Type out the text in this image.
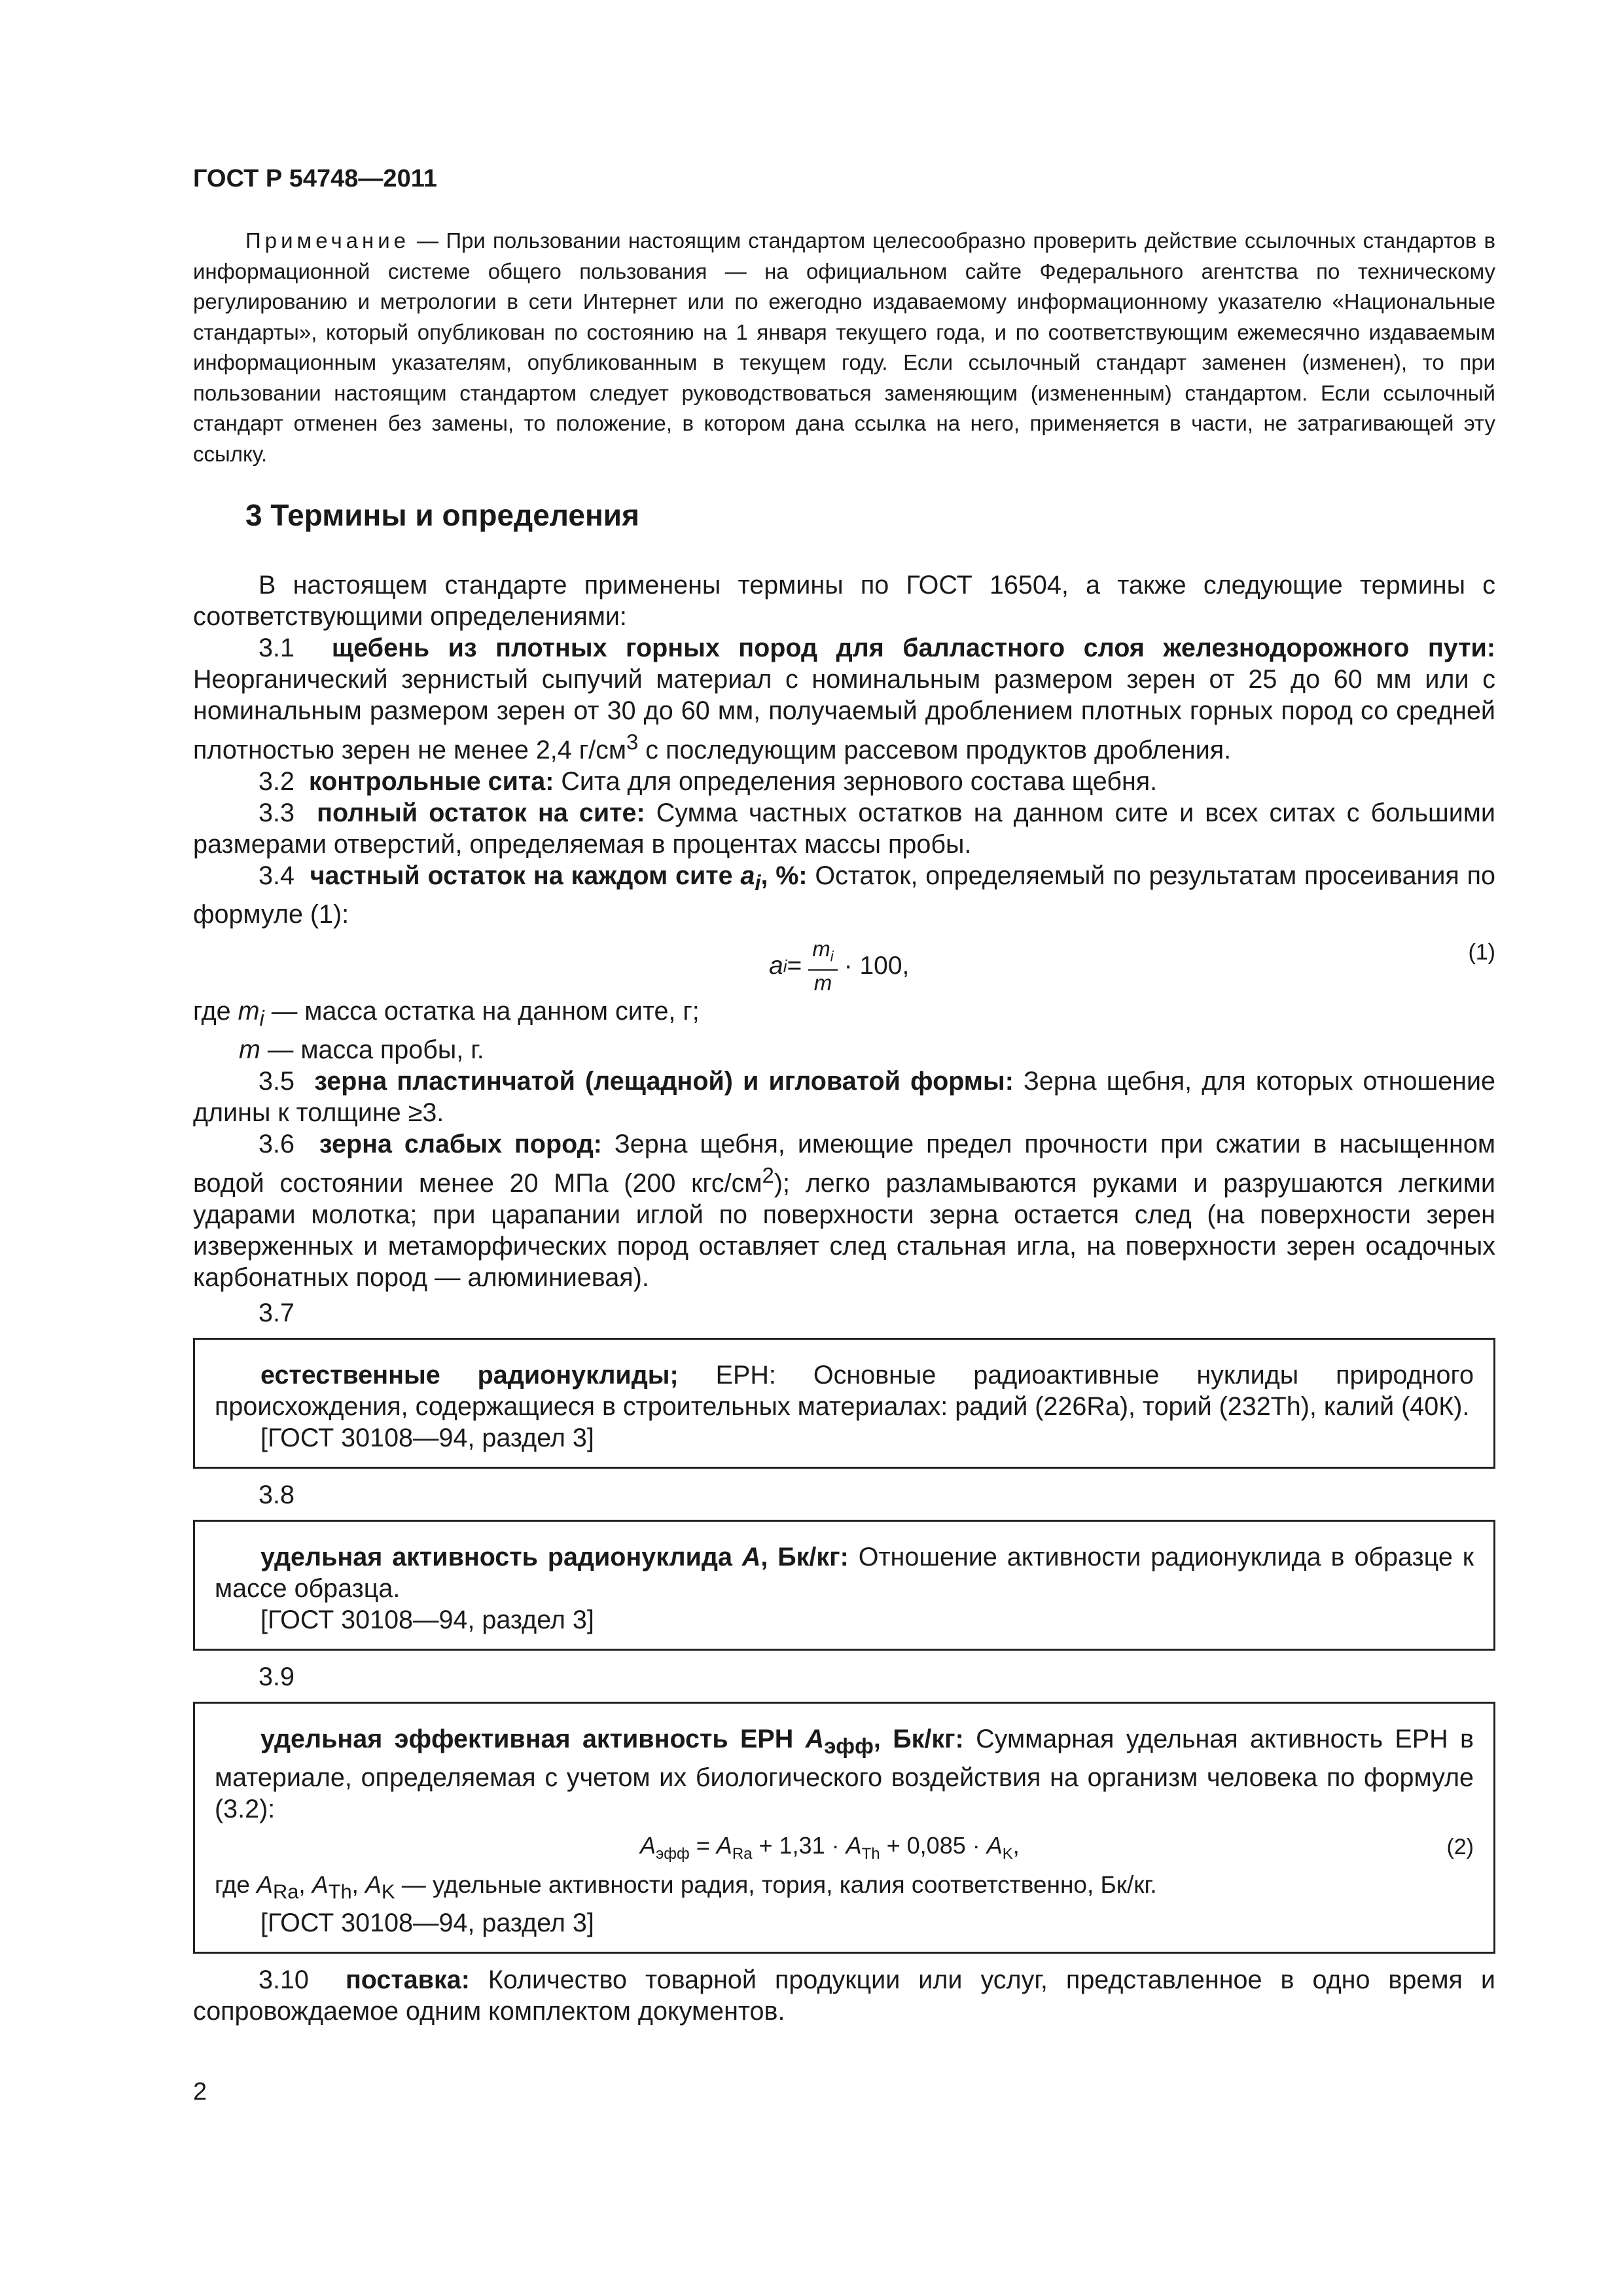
ГОСТ Р 54748—2011
Примечание — При пользовании настоящим стандартом целесообразно проверить действие ссылочных стандартов в информационной системе общего пользования — на официальном сайте Федерального агентства по техническому регулированию и метрологии в сети Интернет или по ежегодно издаваемому информационному указателю «Национальные стандарты», который опубликован по состоянию на 1 января текущего года, и по соответствующим ежемесячно издаваемым информационным указателям, опубликованным в текущем году. Если ссылочный стандарт заменен (изменен), то при пользовании настоящим стандартом следует руководствоваться заменяющим (измененным) стандартом. Если ссылочный стандарт отменен без замены, то положение, в котором дана ссылка на него, применяется в части, не затрагивающей эту ссылку.
3 Термины и определения

В настоящем стандарте применены термины по ГОСТ 16504, а также следующие термины с соответствующими определениями:

3.1 щебень из плотных горных пород для балластного слоя железнодорожного пути: Неорганический зернистый сыпучий материал с номинальным размером зерен от 25 до 60 мм или с номинальным размером зерен от 30 до 60 мм, получаемый дроблением плотных горных пород со средней плотностью зерен не менее 2,4 $г/см^3$ с последующим рассевом продуктов дробления.

3.2 контрольные сита: Сита для определения зернового состава щебня.

3.3 полный остаток на сите: Сумма частных остатков на данном сите и всех ситах с большими размерами отверстий, определяемая в процентах массы пробы.

3.4 частный остаток на каждом сите $a_i$, %: Остаток, определяемый по результатам просеивания по формуле (1):

a $i = \frac{m_i}{m} \cdot 100$,	(1)

где $m_i$ — масса остатка на данном сите, г;

m — масса пробы, г.

3.5 зерна пластинчатой (лещадной) и игловатой формы: Зерна щебня, для которых отношение длины к толщине ≥3.

3.6 зерна слабых пород: Зерна щебня, имеющие предел прочности при сжатии в насыщенном водой состоянии менее 20 МПа (200 кгс/$см^2$); легко разламываются руками и разрушаются легкими ударами молотка; при царапании иглой по поверхности зерна остается след (на поверхности зерен изверженных и метаморфических пород оставляет след стальная игла, на поверхности зерен осадочных карбонатных пород — алюминиевая).

3.7

естественные радионуклиды; ЕРН: Основные радиоактивные нуклиды природного происхождения, содержащиеся в строительных материалах: радий (226Ra), торий (232Th), калий (40К).

[ГОСТ 30108—94, раздел 3]

3.8

удельная активность радионуклида A, Бк/кг: Отношение активности радионуклида в образце к массе образца.

[ГОСТ 30108—94, раздел 3]

3.9

удельная эффективная активность ЕРН $A_{эфф}$, Бк/кг: Суммарная удельная активность ЕРН в материале, определяемая с учетом их биологического воздействия на организм человека по формуле (3.2):

$A_{эфф} = A_{Ra} + 1,31 \cdot A_{Th} + 0,085 \cdot A_K$,	(2)

где $A_{Ra}$, $A_{Th}$, $A_K$ — удельные активности радия, тория, калия соответственно, Бк/кг.

[ГОСТ 30108—94, раздел 3]

3.10 поставка: Количество товарной продукции или услуг, представленное в одно время и сопровождаемое одним комплектом документов.

2
